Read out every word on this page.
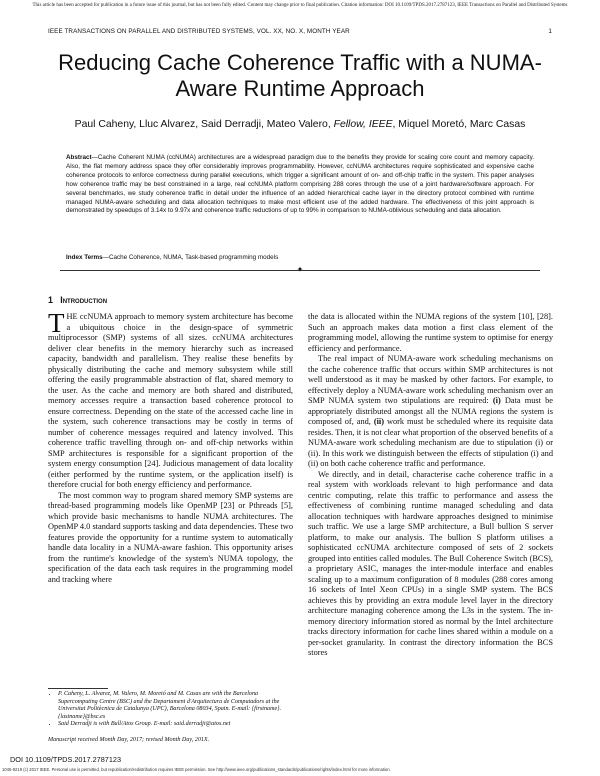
This article has been accepted for publication in a future issue of this journal, but has not been fully edited. Content may change prior to final publication. Citation information: DOI 10.1109/TPDS.2017.2787123, IEEE Transactions on Parallel and Distributed Systems
IEEE TRANSACTIONS ON PARALLEL AND DISTRIBUTED SYSTEMS, VOL. XX, NO. X, MONTH YEAR	1
Reducing Cache Coherence Traffic with a NUMA-Aware Runtime Approach
Paul Caheny, Lluc Alvarez, Said Derradji, Mateo Valero, Fellow, IEEE, Miquel Moretó, Marc Casas
Abstract—Cache Coherent NUMA (ccNUMA) architectures are a widespread paradigm due to the benefits they provide for scaling core count and memory capacity. Also, the flat memory address space they offer considerably improves programmability. However, ccNUMA architectures require sophisticated and expensive cache coherence protocols to enforce correctness during parallel executions, which trigger a significant amount of on- and off-chip traffic in the system. This paper analyses how coherence traffic may be best constrained in a large, real ccNUMA platform comprising 288 cores through the use of a joint hardware/software approach. For several benchmarks, we study coherence traffic in detail under the influence of an added hierarchical cache layer in the directory protocol combined with runtime managed NUMA-aware scheduling and data allocation techniques to make most efficient use of the added hardware. The effectiveness of this joint approach is demonstrated by speedups of 3.14x to 9.97x and coherence traffic reductions of up to 99% in comparison to NUMA-oblivious scheduling and data allocation.
Index Terms—Cache Coherence, NUMA, Task-based programming models
✦
1 Introduction

THE ccNUMA approach to memory system architecture has become a ubiquitous choice in the design-space of symmetric multiprocessor (SMP) systems of all sizes. ccNUMA architectures deliver clear benefits in the memory hierarchy such as increased capacity, bandwidth and parallelism. They realise these benefits by physically distributing the cache and memory subsystem while still offering the easily programmable abstraction of flat, shared memory to the user. As the cache and memory are both shared and distributed, memory accesses require a transaction based coherence protocol to ensure correctness. Depending on the state of the accessed cache line in the system, such coherence transactions may be costly in terms of number of coherence messages required and latency involved. This coherence traffic travelling through on- and off-chip networks within SMP architectures is responsible for a significant proportion of the system energy consumption [24]. Judicious management of data locality (either performed by the runtime system, or the application itself) is therefore crucial for both energy efficiency and performance.

The most common way to program shared memory SMP systems are thread-based programming models like OpenMP [23] or Pthreads [5], which provide basic mechanisms to handle NUMA architectures. The OpenMP 4.0 standard supports tasking and data dependencies. These two features provide the opportunity for a runtime system to automatically handle data locality in a NUMA-aware fashion. This opportunity arises from the runtime's knowledge of the system's NUMA topology, the specification of the data each task requires in the programming model and tracking where

the data is allocated within the NUMA regions of the system [10], [28]. Such an approach makes data motion a first class element of the programming model, allowing the runtime system to optimise for energy efficiency and performance.

The real impact of NUMA-aware work scheduling mechanisms on the cache coherence traffic that occurs within SMP architectures is not well understood as it may be masked by other factors. For example, to effectively deploy a NUMA-aware work scheduling mechanism over an SMP NUMA system two stipulations are required: (i) Data must be appropriately distributed amongst all the NUMA regions the system is composed of, and, (ii) work must be scheduled where its requisite data resides. Then, it is not clear what proportion of the observed benefits of a NUMA-aware work scheduling mechanism are due to stipulation (i) or (ii). In this work we distinguish between the effects of stipulation (i) and (ii) on both cache coherence traffic and performance.

We directly, and in detail, characterise cache coherence traffic in a real system with workloads relevant to high performance and data centric computing, relate this traffic to performance and assess the effectiveness of combining runtime managed scheduling and data allocation techniques with hardware approaches designed to minimise such traffic. We use a large SMP architecture, a Bull bullion S server platform, to make our analysis. The bullion S platform utilises a sophisticated ccNUMA architecture composed of sets of 2 sockets grouped into entities called modules. The Bull Coherence Switch (BCS), a proprietary ASIC, manages the inter-module interface and enables scaling up to a maximum configuration of 8 modules (288 cores among 16 sockets of Intel Xeon CPUs) in a single SMP system. The BCS achieves this by providing an extra module level layer in the directory architecture managing coherence among the L3s in the system. The in-memory directory information stored as normal by the Intel architecture tracks directory information for cache lines shared within a module on a per-socket granularity. In contrast the directory information the BCS stores

• P. Caheny, L. Alvarez, M. Valero, M. Moretó and M. Casas are with the Barcelona Supercomputing Centre (BSC) and the Departament d'Arquitectura de Computadors at the Universitat Politècnica de Catalunya (UPC), Barcelona 08034, Spain. E-mail: {firstname}.{lastname}@bsc.es
• Said Derradji is with Bull/Atos Group. E-mail: said.derradji@atos.net
Manuscript received Month Day, 2017; revised Month Day, 201X.
DOI 10.1109/TPDS.2017.2787123
1045-9219 (c) 2017 IEEE. Personal use is permitted, but republication/redistribution requires IEEE permission. See http://www.ieee.org/publications_standards/publications/rights/index.html for more information.
